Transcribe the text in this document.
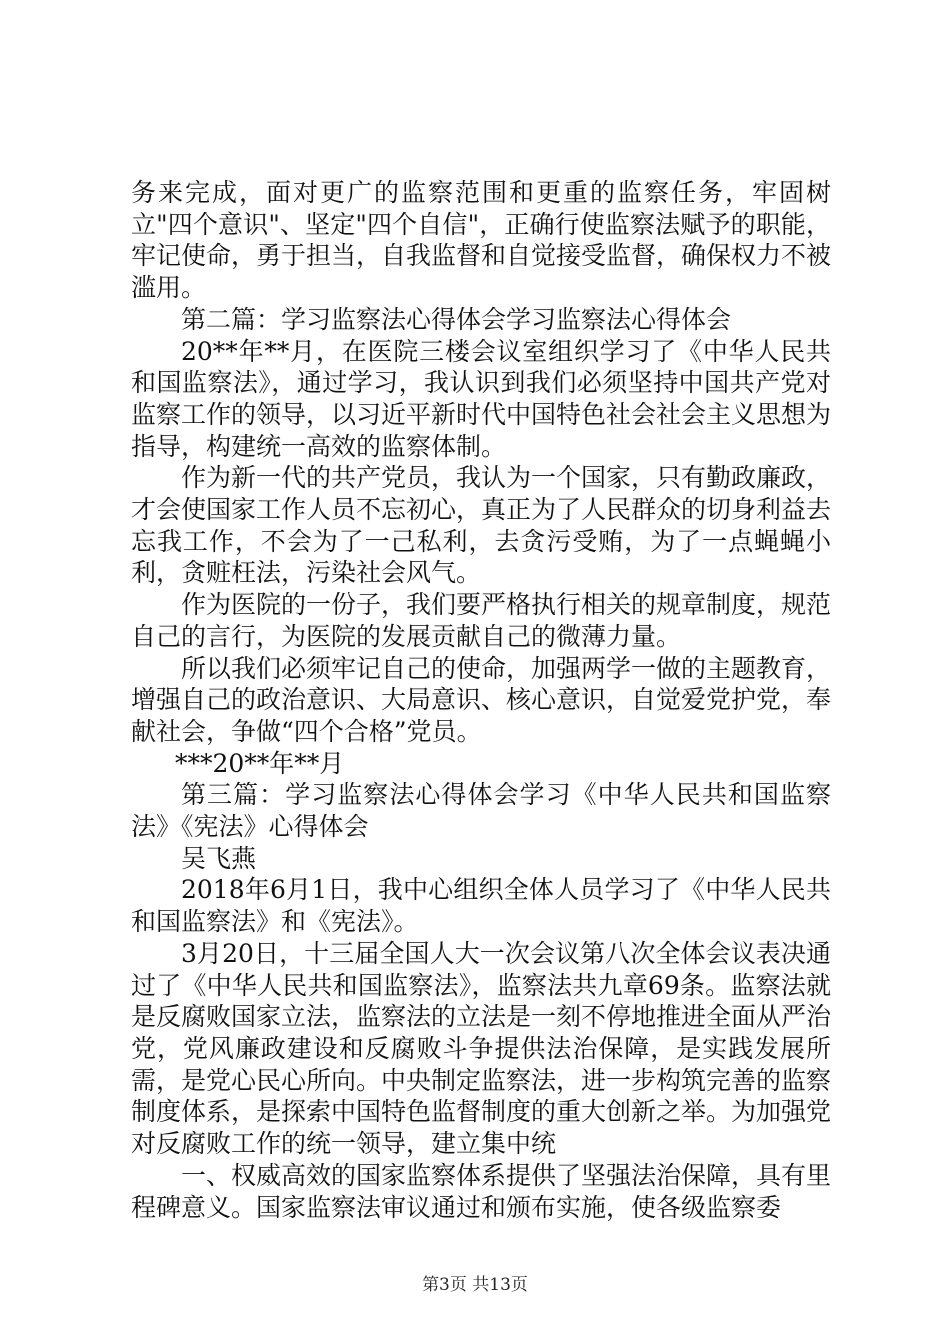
务来完成，面对更广的监察范围和更重的监察任务，牢固树立"四个意识"、坚定"四个自信"，正确行使监察法赋予的职能，牢记使命，勇于担当，自我监督和自觉接受监督，确保权力不被滥用。

第二篇：学习监察法心得体会学习监察法心得体会

20**年**月，在医院三楼会议室组织学习了《中华人民共和国监察法》，通过学习，我认识到我们必须坚持中国共产党对监察工作的领导，以习近平新时代中国特色社会社会主义思想为指导，构建统一高效的监察体制。

作为新一代的共产党员，我认为一个国家，只有勤政廉政，才会使国家工作人员不忘初心，真正为了人民群众的切身利益去忘我工作，不会为了一己私利，去贪污受贿，为了一点蝇蝇小利，贪赃枉法，污染社会风气。

作为医院的一份子，我们要严格执行相关的规章制度，规范自己的言行，为医院的发展贡献自己的微薄力量。

所以我们必须牢记自己的使命，加强两学一做的主题教育，增强自己的政治意识、大局意识、核心意识，自觉爱党护党，奉献社会，争做“四个合格”党员。

***20**年**月

第三篇：学习监察法心得体会学习《中华人民共和国监察法》《宪法》心得体会

吴飞燕

2018年6月1日，我中心组织全体人员学习了《中华人民共和国监察法》和《宪法》。

3月20日，十三届全国人大一次会议第八次全体会议表决通过了《中华人民共和国监察法》，监察法共九章69条。监察法就是反腐败国家立法，监察法的立法是一刻不停地推进全面从严治党，党风廉政建设和反腐败斗争提供法治保障，是实践发展所需，是党心民心所向。中央制定监察法，进一步构筑完善的监察制度体系，是探索中国特色监督制度的重大创新之举。为加强党对反腐败工作的统一领导，建立集中统

一、权威高效的国家监察体系提供了坚强法治保障，具有里程碑意义。国家监察法审议通过和颁布实施，使各级监察委

第3页 共13页
